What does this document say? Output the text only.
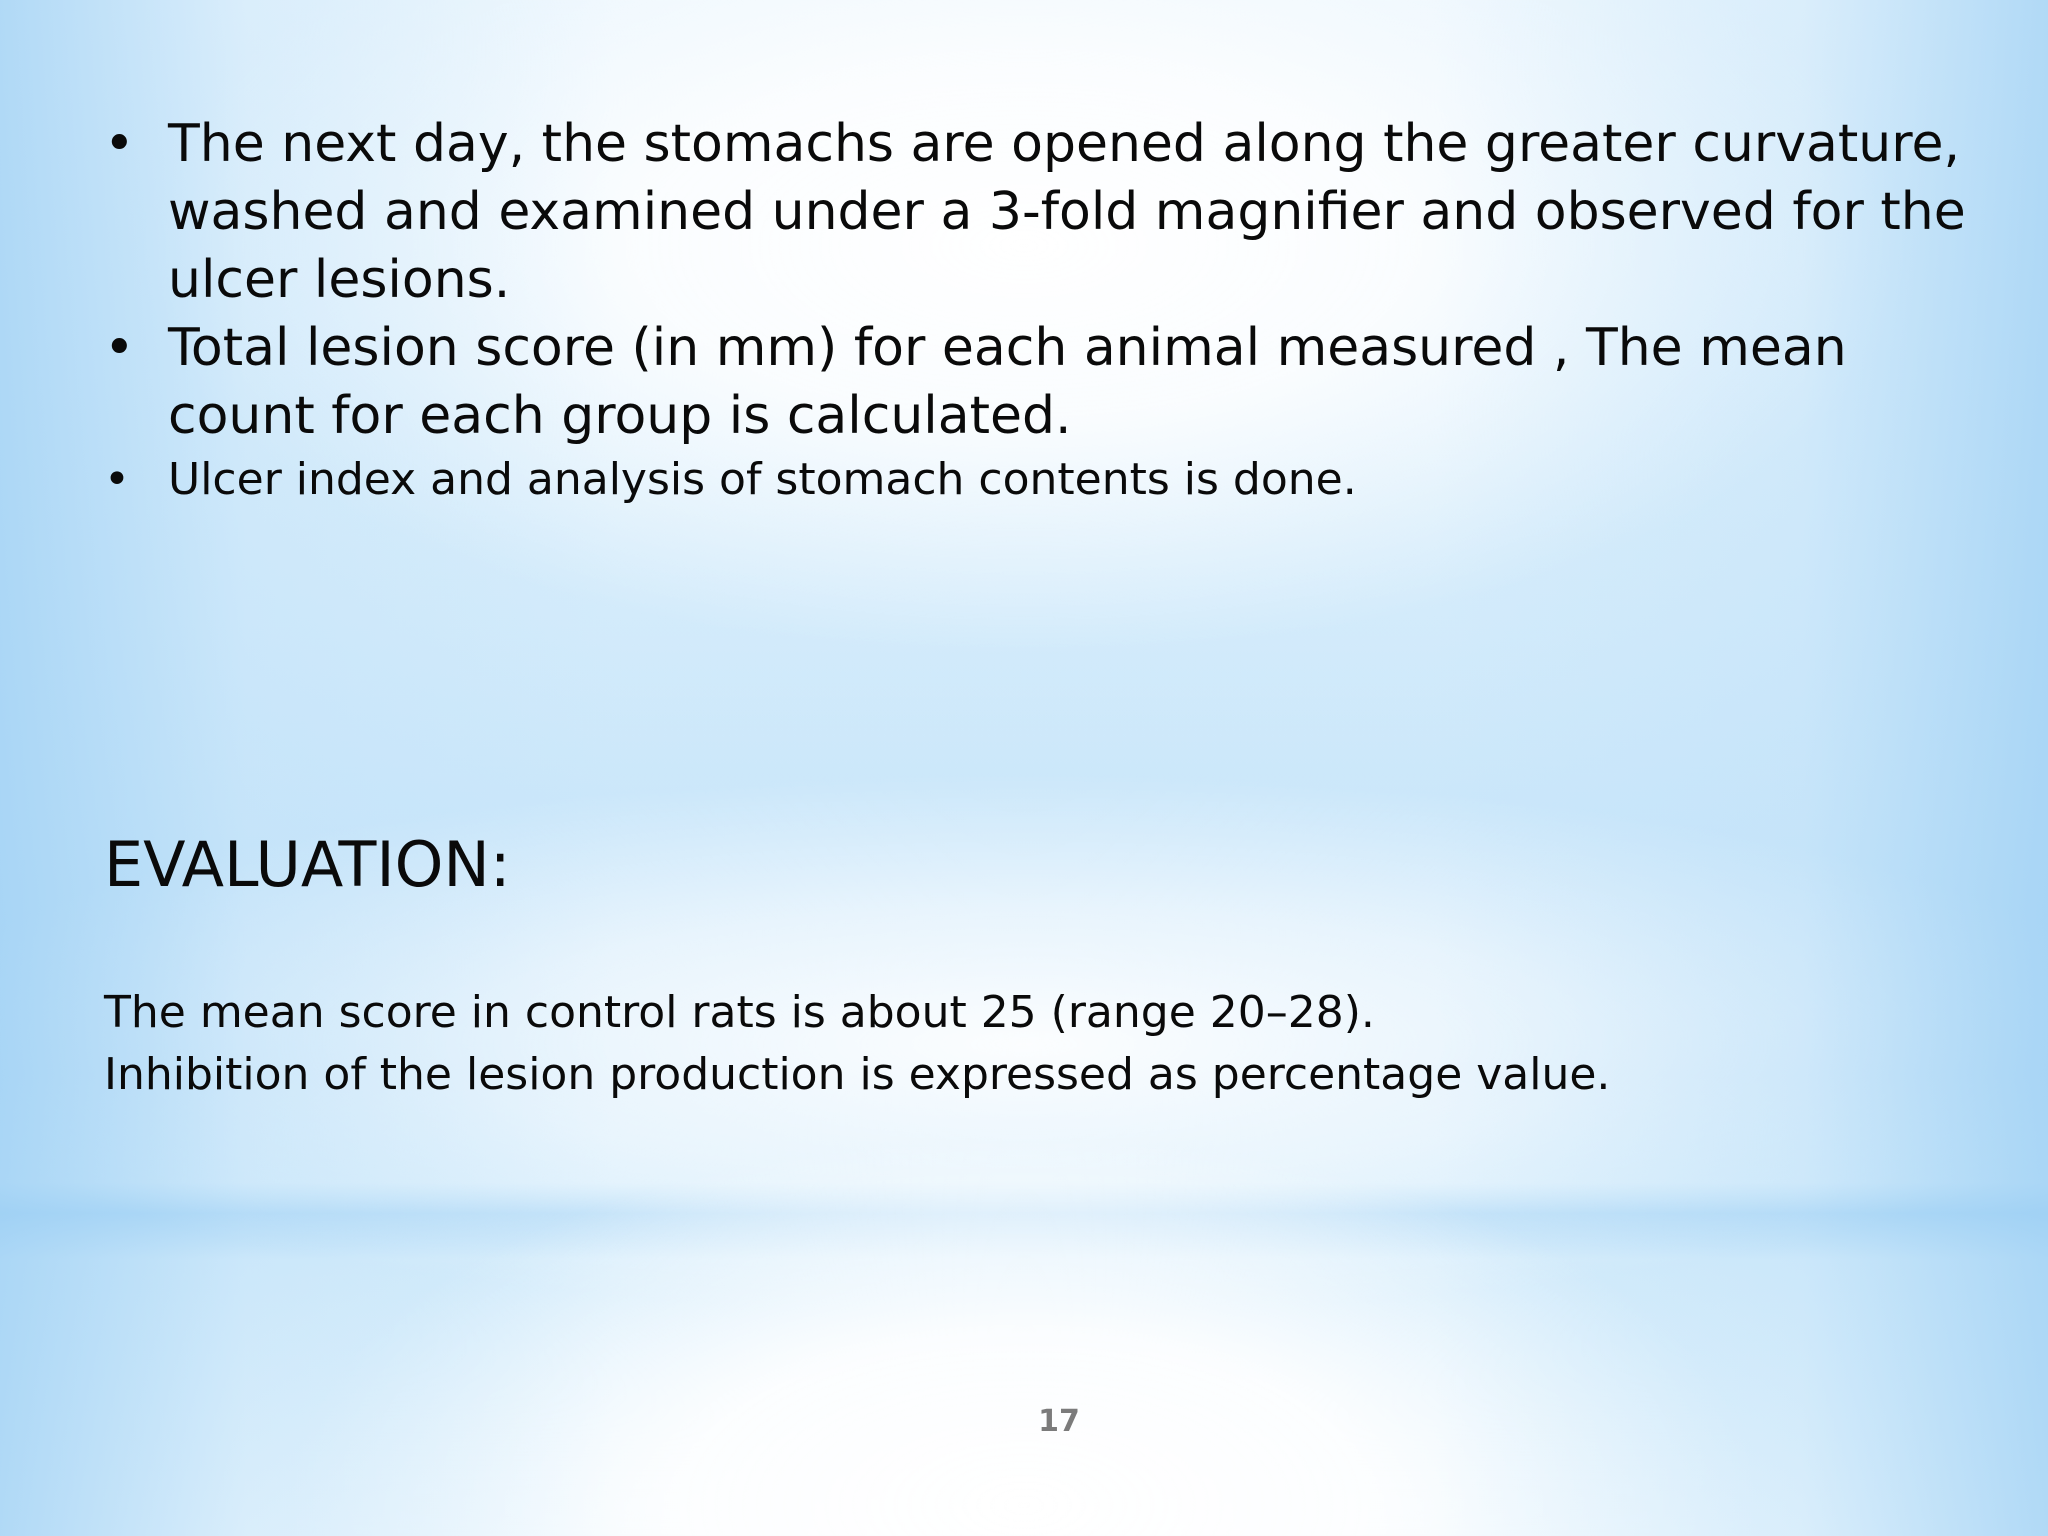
• The next day, the stomachs are opened along the greater curvature, washed and examined under a 3-fold magnifier and observed for the ulcer lesions.
• Total lesion score (in mm) for each animal measured , The mean count for each group is calculated.
• Ulcer index and analysis of stomach contents is done.
EVALUATION:

The mean score in control rats is about 25 (range 20–28).

Inhibition of the lesion production is expressed as percentage value.

17
